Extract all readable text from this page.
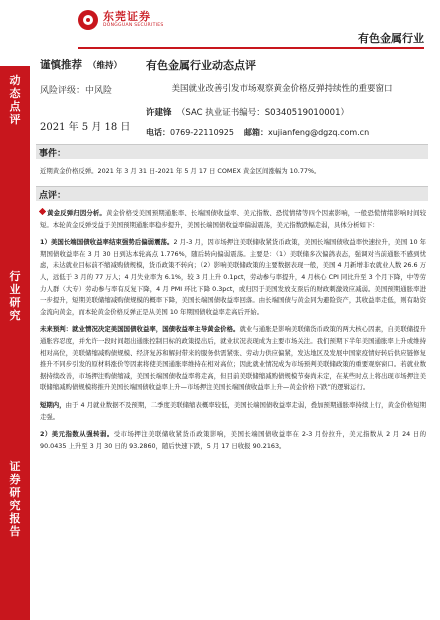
东莞证券
DONGGUAN SECURITIES
有色金属行业
动
态
点
评
行
业
研
究
证
券
研
究
报
告
谨慎推荐 （维持）
风险评级：中风险
2021 年 5 月 18 日
有色金属行业动态点评
美国就业改善引发市场观察黄金价格反弹持续性的重要窗口
许建锋 （SAC 执业证书编号：S0340519010001）
电话：0769-22110925 邮箱：xujianfeng@dgzq.com.cn
事件：
近期黄金价格反弹。2021 年 3 月 31 日-2021 年 5 月 17 日 COMEX 黄金区间涨幅为 10.77%。
点评：
黄金反弹归因分析。黄金价格受美国预期通胀率、长端国债收益率、美元指数、恐慌情绪等四个因素影响，一般恐慌情绪影响时间较短。本轮黄金反弹受益于美国预期通胀率稳步提升，美国长端国债收益率偏弱震荡，美元指数跌幅走弱，具体分析如下：
1）美国长端国债收益率结束强势后偏弱震荡。2 月-3 月，因市场押注美联储收紧货币政策，美国长端国债收益率快速拉升，美国 10 年期国债收益率在 3 月 30 日到达本轮高点 1.776%，随后转向偏弱震荡。主要是：（1）美联储多次偏鸽表态，强调对当前通胀不感到忧虑，未达就业目标前不缩减购债规模，货币政策不转向；（2）影响美联储政策的主要数据表现一般，美国 4 月新增非农就业人数 26.6 万人，远低于 3 月的 77 万人；4 月失业率为 6.1%，较 3 月上升 0.1pct，劳动参与率提升，4 月核心 CPI 同比升至 3 个月下降，中等劳力人群（大专）劳动参与率有反复下降，4 月 PMI 环比下降 0.3pct，或归因于美国发放支票后的财政刺激效应减弱。美国预期通胀率进一步提升，短期美联储缩减购债规模的概率下降，美国长端国债收益率回落。由长端国债与黄金同为避险资产，其收益率走低，则有助资金流向黄金，而本轮黄金价格反弹正是从美国 10 年期国债收益率走高后开始。
未来预判：就业情况决定美国国债收益率，国债收益率主导黄金价格。就业与通胀是影响美联储货币政策的两大核心因素，自美联储提升通胀容忍度，并允许一段时间超出通胀控制目标的政策提出后，就业状况表现成为主要市场关注。我们预期下半年美国通胀率上升或维持相对高位，美联储缩减购债规模、经济复苏和解封带来的服务供需紧张、劳动力供应偏紧，发达地区及发展中国家疫情好转后供应链修复推升不同步引发的原材料涨价等因素将使美国通胀率维持在相对高位；因此就业情况成为市场预判美联储政策的重要观察窗口。若就业数据持续改善，市场押注购债缩减，美国长端国债收益率将走高，但目前美联储缩减购债规模节奏尚未定，在某些时点上将出现市场押注美联储缩减购债规模将推升美国长端国债收益率上升—市场押注美国长端国债收益率上升—黄金价格下跌”的逻辑运行。
短期内，由于 4 月就业数据不及预期，二季度美联储缩表概率较低，美国长端国债收益率走弱，叠加预期通胀率持续上行，黄金价格短期走强。
2）美元指数从强转弱。受市场押注美联储收紧货币政策影响，美国长端国债收益率在 2-3 月份拉升，美元指数从 2 月 24 日的 90.0435 上升至 3 月 30 日的 93.2860，随后快速下跌，5 月 17 日收报 90.2163。
